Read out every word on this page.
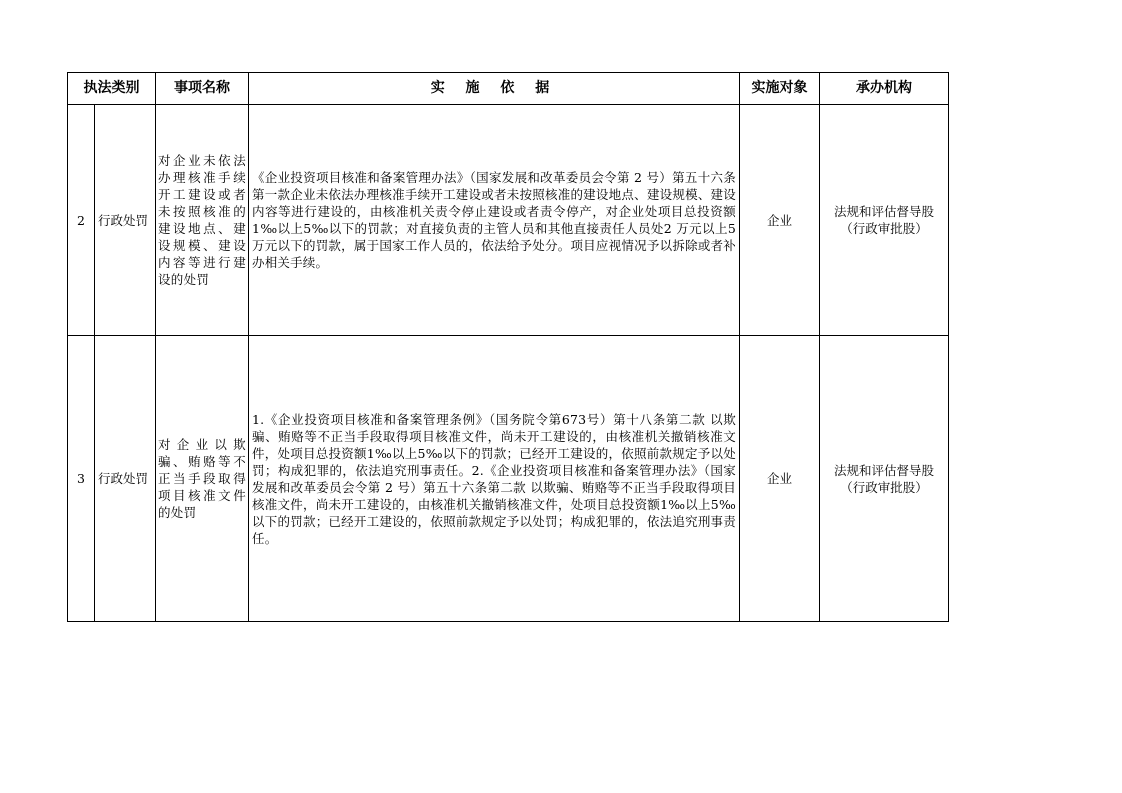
执法类别		事项名称	实 施 依 据	实施对象	承办机构
2	行政处罚	对企业未依法办理核准手续开工建设或者未按照核准的建设地点、建设规模、建设内容等进行建设的处罚	《企业投资项目核准和备案管理办法》（国家发展和改革委员会令第 2 号）第五十六条第一款企业未依法办理核准手续开工建设或者未按照核准的建设地点、建设规模、建设内容等进行建设的，由核准机关责令停止建设或者责令停产，对企业处项目总投资额1‰以上5‰以下的罚款；对直接负责的主管人员和其他直接责任人员处2 万元以上5 万元以下的罚款，属于国家工作人员的，依法给予处分。项目应视情况予以拆除或者补办相关手续。	企业	法规和评估督导股
（行政审批股）

3	行政处罚	对企业以欺骗、贿赂等不正当手段取得项目核准文件的处罚	1.《企业投资项目核准和备案管理条例》（国务院令第673号）第十八条第二款 以欺骗、贿赂等不正当手段取得项目核准文件，尚未开工建设的，由核准机关撤销核准文件，处项目总投资额1‰以上5‰以下的罚款；已经开工建设的，依照前款规定予以处罚；构成犯罪的，依法追究刑事责任。2.《企业投资项目核准和备案管理办法》（国家发展和改革委员会令第 2 号）第五十六条第二款 以欺骗、贿赂等不正当手段取得项目核准文件，尚未开工建设的，由核准机关撤销核准文件，处项目总投资额1‰以上5‰以下的罚款；已经开工建设的，依照前款规定予以处罚；构成犯罪的，依法追究刑事责任。	企业	法规和评估督导股
（行政审批股）
